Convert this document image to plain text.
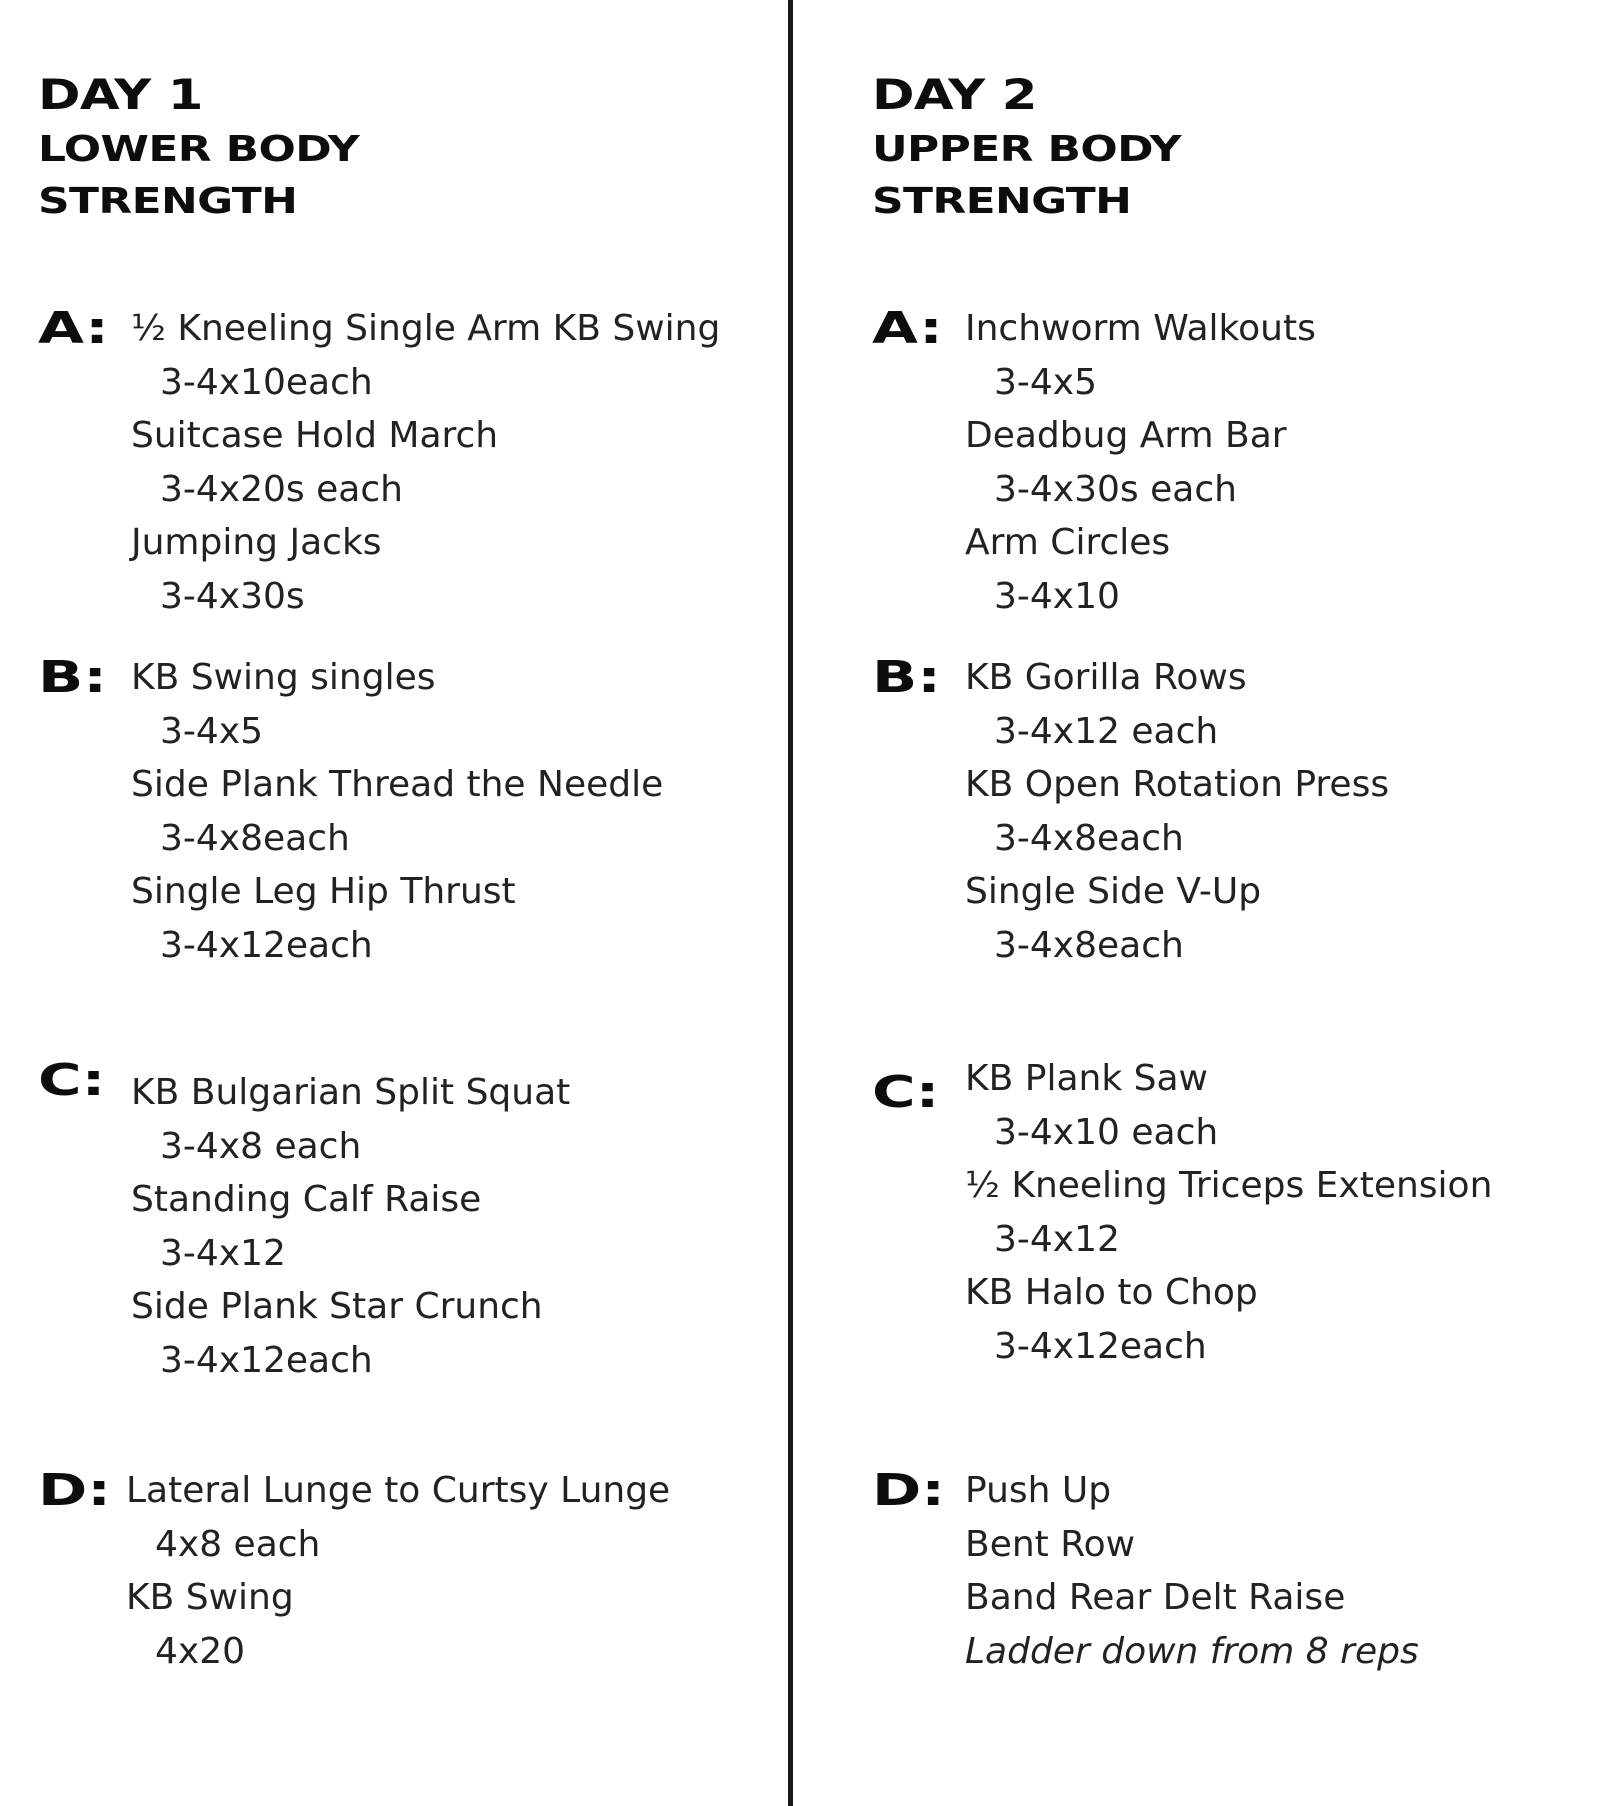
DAY 1
LOWER BODY
STRENGTH
A: ½ Kneeling Single Arm KB Swing
3-4x10each
Suitcase Hold March
3-4x20s each
Jumping Jacks
3-4x30s
B: KB Swing singles
3-4x5
Side Plank Thread the Needle
3-4x8each
Single Leg Hip Thrust
3-4x12each
C: KB Bulgarian Split Squat
3-4x8 each
Standing Calf Raise
3-4x12
Side Plank Star Crunch
3-4x12each
D: Lateral Lunge to Curtsy Lunge
4x8 each
KB Swing
4x20
DAY 2
UPPER BODY
STRENGTH
A: Inchworm Walkouts
3-4x5
Deadbug Arm Bar
3-4x30s each
Arm Circles
3-4x10
B: KB Gorilla Rows
3-4x12 each
KB Open Rotation Press
3-4x8each
Single Side V-Up
3-4x8each
C: KB Plank Saw
3-4x10 each
½ Kneeling Triceps Extension
3-4x12
KB Halo to Chop
3-4x12each
D: Push Up
Bent Row
Band Rear Delt Raise
Ladder down from 8 reps
